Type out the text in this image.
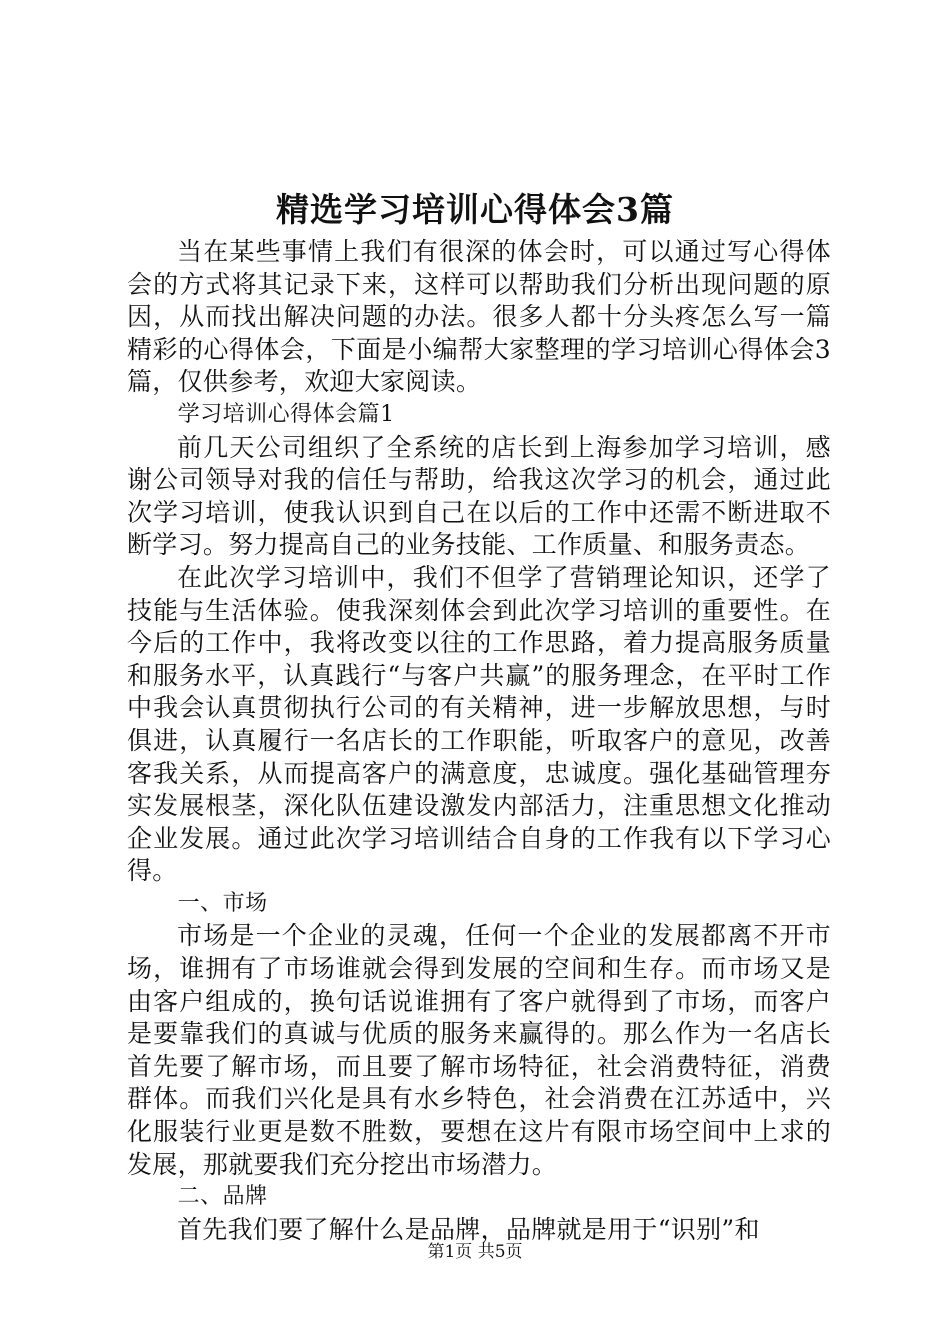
精选学习培训心得体会3篇

当在某些事情上我们有很深的体会时，可以通过写心得体会的方式将其记录下来，这样可以帮助我们分析出现问题的原因，从而找出解决问题的办法。很多人都十分头疼怎么写一篇精彩的心得体会，下面是小编帮大家整理的学习培训心得体会3篇，仅供参考，欢迎大家阅读。

学习培训心得体会篇1

前几天公司组织了全系统的店长到上海参加学习培训，感谢公司领导对我的信任与帮助，给我这次学习的机会，通过此次学习培训，使我认识到自己在以后的工作中还需不断进取不断学习。努力提高自己的业务技能、工作质量、和服务责态。

在此次学习培训中，我们不但学了营销理论知识，还学了技能与生活体验。使我深刻体会到此次学习培训的重要性。在今后的工作中，我将改变以往的工作思路，着力提高服务质量和服务水平，认真践行“与客户共赢”的服务理念，在平时工作中我会认真贯彻执行公司的有关精神，进一步解放思想，与时俱进，认真履行一名店长的工作职能，听取客户的意见，改善客我关系，从而提高客户的满意度，忠诚度。强化基础管理夯实发展根茎，深化队伍建设激发内部活力，注重思想文化推动企业发展。通过此次学习培训结合自身的工作我有以下学习心得。

一、市场

市场是一个企业的灵魂，任何一个企业的发展都离不开市场，谁拥有了市场谁就会得到发展的空间和生存。而市场又是由客户组成的，换句话说谁拥有了客户就得到了市场，而客户是要靠我们的真诚与优质的服务来赢得的。那么作为一名店长首先要了解市场，而且要了解市场特征，社会消费特征，消费群体。而我们兴化是具有水乡特色，社会消费在江苏适中，兴化服装行业更是数不胜数，要想在这片有限市场空间中上求的发展，那就要我们充分挖出市场潜力。

二、品牌

首先我们要了解什么是品牌，品牌就是用于“识别”和

第1页 共5页
